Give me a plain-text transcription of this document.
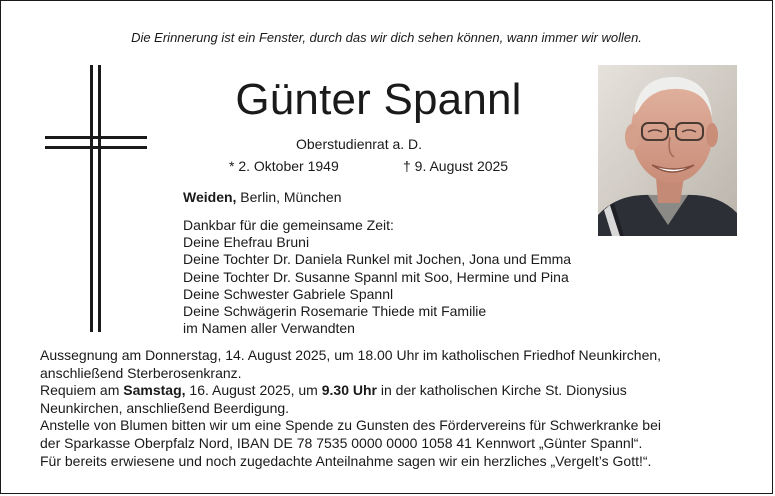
Die Erinnerung ist ein Fenster, durch das wir dich sehen können, wann immer wir wollen.
Günter Spannl
Oberstudienrat a. D.
* 2. Oktober 1949	† 9. August 2025
Weiden, Berlin, München
Dankbar für die gemeinsame Zeit:
Deine Ehefrau Bruni
Deine Tochter Dr. Daniela Runkel mit Jochen, Jona und Emma
Deine Tochter Dr. Susanne Spannl mit Soo, Hermine und Pina
Deine Schwester Gabriele Spannl
Deine Schwägerin Rosemarie Thiede mit Familie
im Namen aller Verwandten
Aussegnung am Donnerstag, 14. August 2025, um 18.00 Uhr im katholischen Friedhof Neunkirchen,
anschließend Sterberosenkranz.
Requiem am Samstag, 16. August 2025, um 9.30 Uhr in der katholischen Kirche St. Dionysius
Neunkirchen, anschließend Beerdigung.
Anstelle von Blumen bitten wir um eine Spende zu Gunsten des Fördervereins für Schwerkranke bei
der Sparkasse Oberpfalz Nord, IBAN DE 78 7535 0000 0000 1058 41 Kennwort „Günter Spannl“.
Für bereits erwiesene und noch zugedachte Anteilnahme sagen wir ein herzliches „Vergelt’s Gott!“.
